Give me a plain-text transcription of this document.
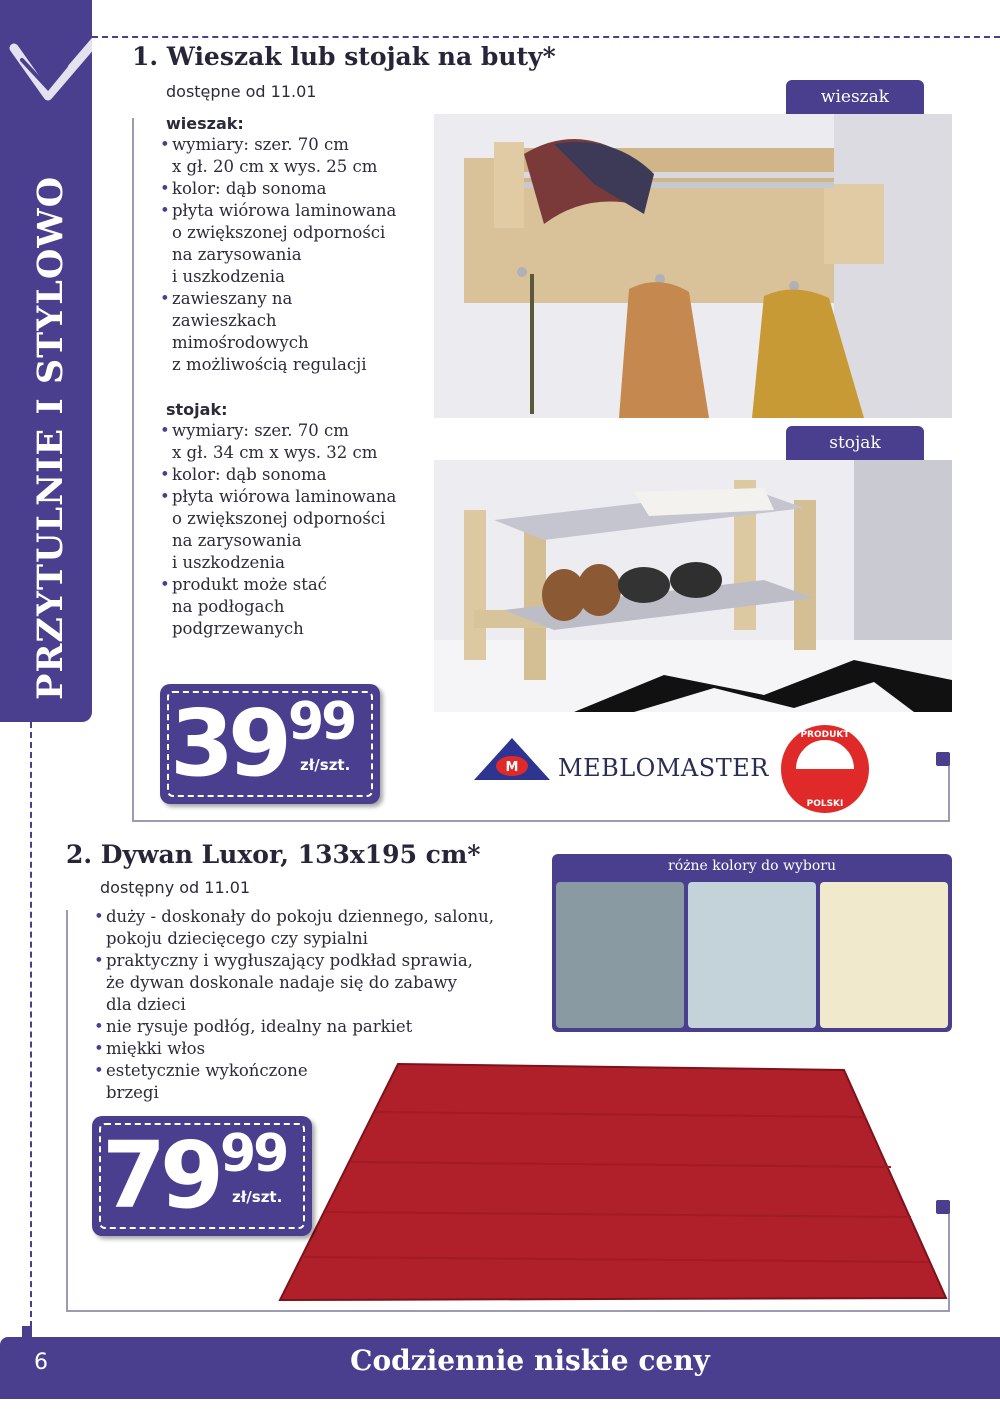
PRZYTULNIE I STYLOWO
1. Wieszak lub stojak na buty*
dostępne od 11.01
wieszak:
• wymiary: szer. 70 cm
x gł. 20 cm x wys. 25 cm
• kolor: dąb sonoma
• płyta wiórowa laminowana
o zwiększonej odporności
na zarysowania
i uszkodzenia
• zawieszany na
zawieszkach
mimośrodowych
z możliwością regulacji
stojak:
• wymiary: szer. 70 cm
x gł. 34 cm x wys. 32 cm
• kolor: dąb sonoma
• płyta wiórowa laminowana
o zwiększonej odporności
na zarysowania
i uszkodzenia
• produkt może stać
na podłogach
podgrzewanych
wieszak
stojak
39 99
zł/szt.	M MEBLOMASTER
PRODUKT
POLSKI
2. Dywan Luxor, 133x195 cm*
dostępny od 11.01
• duży - doskonały do pokoju dziennego, salonu,
pokoju dziecięcego czy sypialni
• praktyczny i wygłuszający podkład sprawia,
że dywan doskonale nadaje się do zabawy
dla dzieci
• nie rysuje podłóg, idealny na parkiet
• miękki włos
• estetycznie wykończone
brzegi
różne kolory do wyboru
79 99
zł/szt.
6	Codziennie niskie ceny
